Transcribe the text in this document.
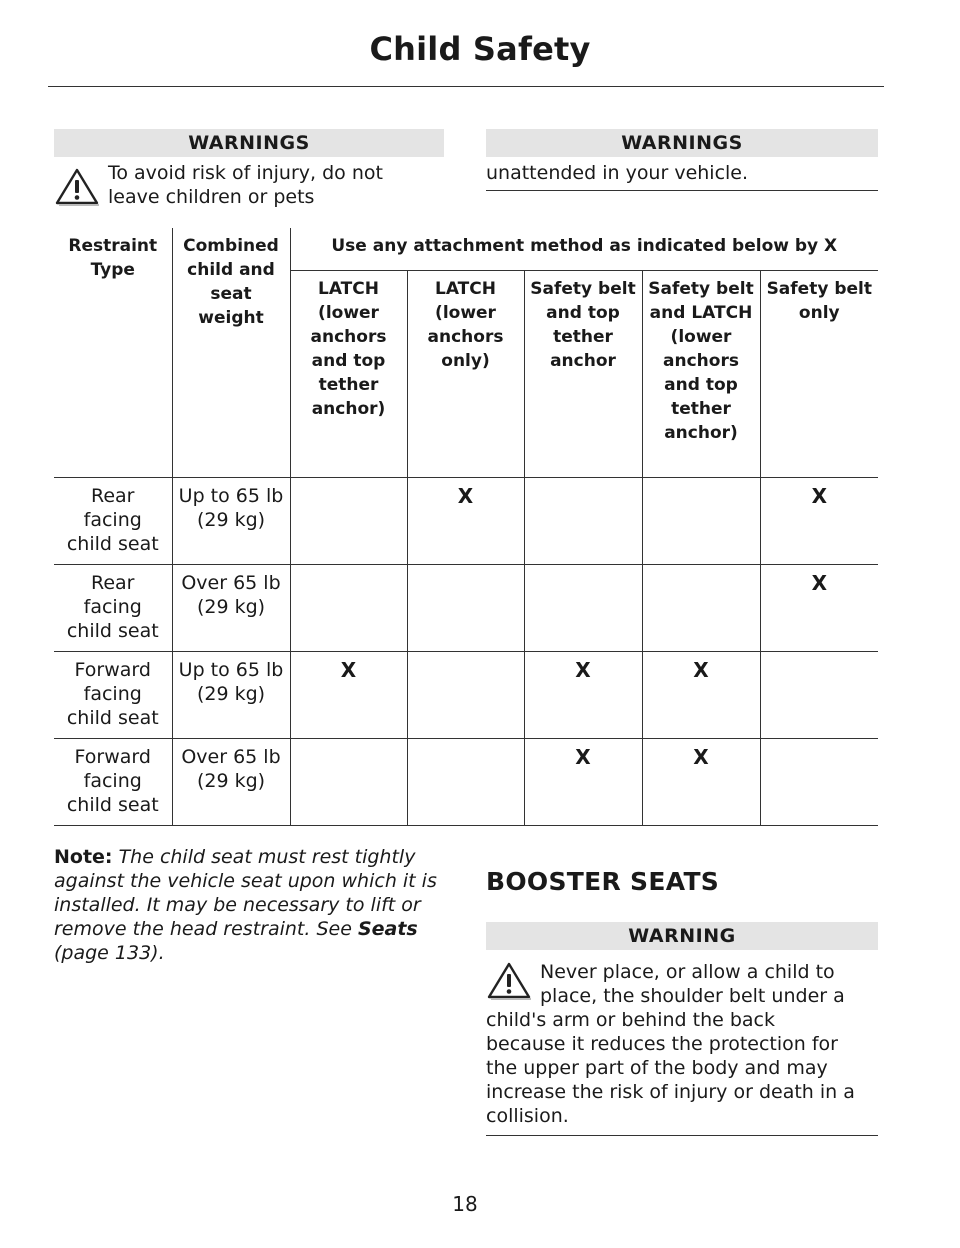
Child Safety
WARNINGS
To avoid risk of injury, do not
leave children or pets
WARNINGS
unattended in your vehicle.
Restraint Type	Combined child and seat weight	Use any attachment method as indicated below by X				
		LATCH (lower anchors and top tether anchor)	LATCH (lower anchors only)	Safety belt and top tether anchor	Safety belt and LATCH (lower anchors and top tether anchor)	Safety belt only
Rear facing child seat	Up to 65 lb (29 kg)		X			X
Rear facing child seat	Over 65 lb (29 kg)					X
Forward facing child seat	Up to 65 lb (29 kg)	X		X	X	
Forward facing child seat	Over 65 lb (29 kg)			X	X	
Note: The child seat must rest tightly against the vehicle seat upon which it is installed. It may be necessary to lift or remove the head restraint. See Seats (page 133).
BOOSTER SEATS
WARNING
Never place, or allow a child to
place, the shoulder belt under a
child's arm or behind the back
because it reduces the protection for
the upper part of the body and may
increase the risk of injury or death in a
collision.
18
